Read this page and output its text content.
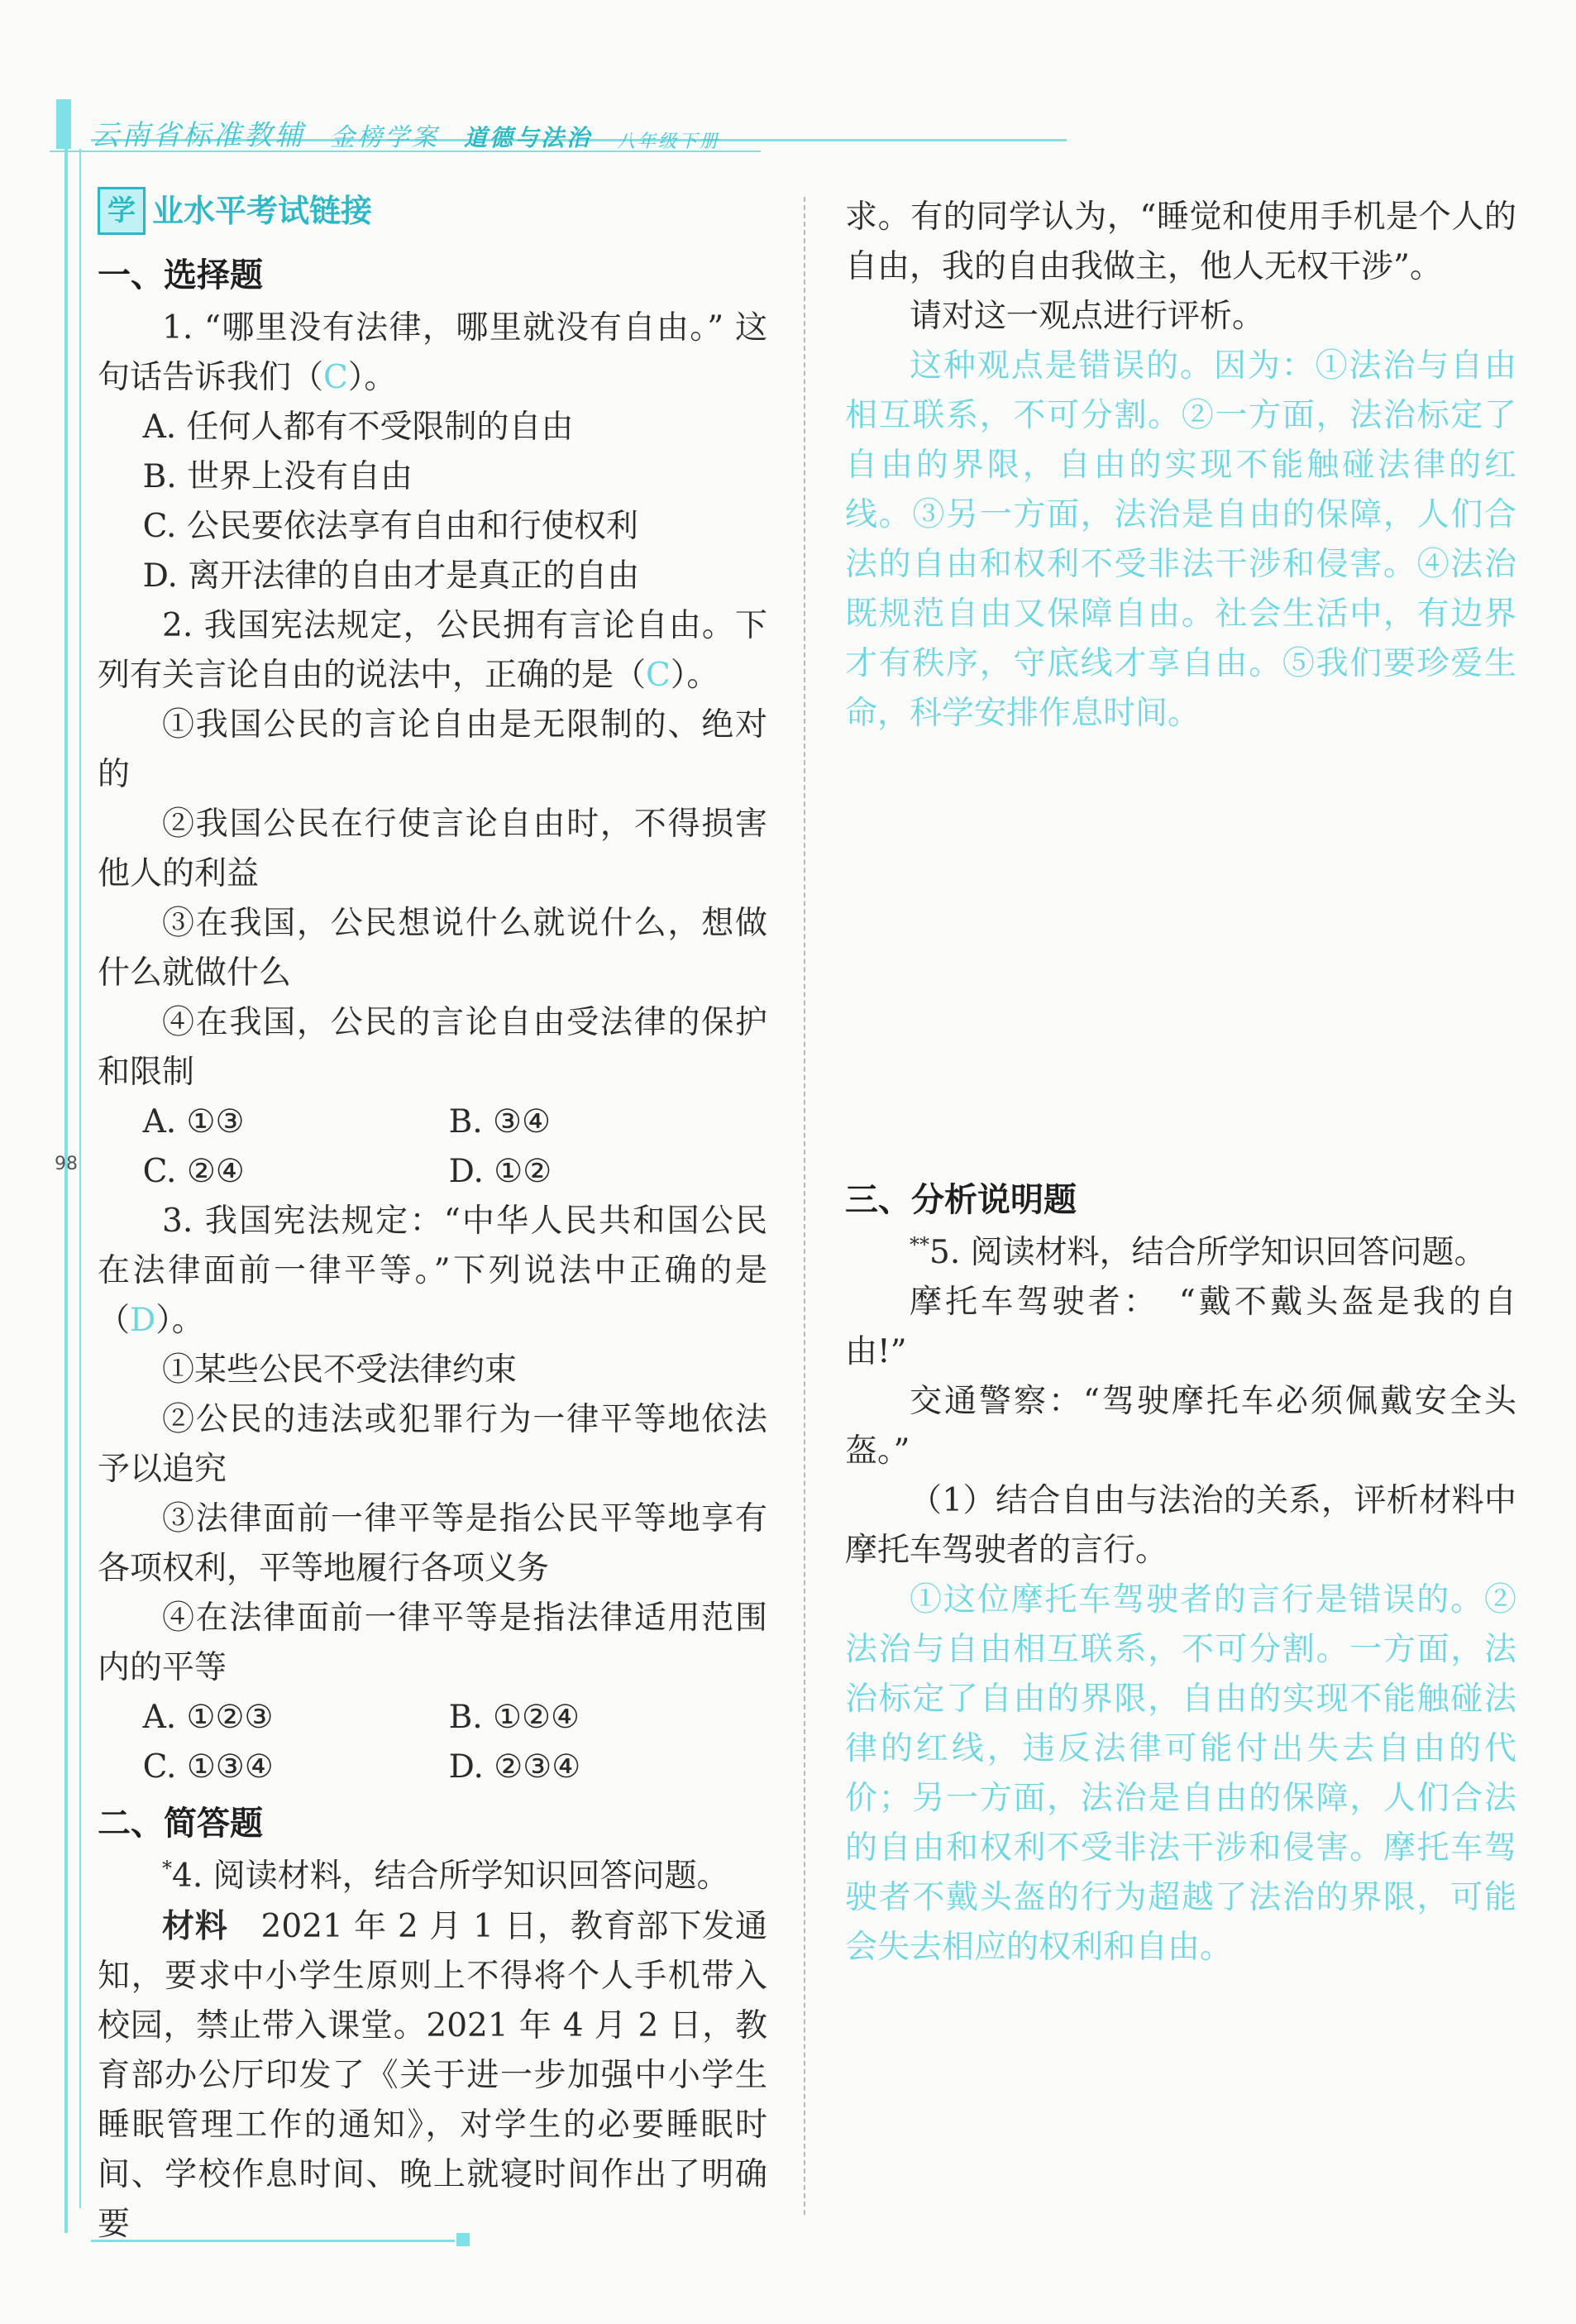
云南省标准教辅 金榜学案 道德与法治 八年级下册
98
学 业水平考试链接
一、选择题
1. “哪里没有法律，哪里就没有自由。” 这句话告诉我们（C）。
A. 任何人都有不受限制的自由
B. 世界上没有自由
C. 公民要依法享有自由和行使权利
D. 离开法律的自由才是真正的自由
2. 我国宪法规定，公民拥有言论自由。下列有关言论自由的说法中，正确的是（C）。
①我国公民的言论自由是无限制的、绝对的
②我国公民在行使言论自由时，不得损害他人的利益
③在我国，公民想说什么就说什么，想做什么就做什么
④在我国，公民的言论自由受法律的保护和限制
A. ①③	B. ③④
C. ②④	D. ①②
3. 我国宪法规定：“中华人民共和国公民在法律面前一律平等。”下列说法中正确的是（D）。
①某些公民不受法律约束
②公民的违法或犯罪行为一律平等地依法予以追究
③法律面前一律平等是指公民平等地享有各项权利，平等地履行各项义务
④在法律面前一律平等是指法律适用范围内的平等
A. ①②③	B. ①②④
C. ①③④	D. ②③④
二、简答题
*4. 阅读材料，结合所学知识回答问题。
材料　 2021 年 2 月 1 日，教育部下发通知，要求中小学生原则上不得将个人手机带入校园，禁止带入课堂。2021 年 4 月 2 日，教育部办公厅印发了《关于进一步加强中小学生睡眠管理工作的通知》，对学生的必要睡眠时间、学校作息时间、晚上就寝时间作出了明确要
求。有的同学认为，“睡觉和使用手机是个人的自由，我的自由我做主，他人无权干涉”。
请对这一观点进行评析。
这种观点是错误的。因为：①法治与自由相互联系，不可分割。②一方面，法治标定了自由的界限，自由的实现不能触碰法律的红线。③另一方面，法治是自由的保障，人们合法的自由和权利不受非法干涉和侵害。④法治既规范自由又保障自由。社会生活中，有边界才有秩序，守底线才享自由。⑤我们要珍爱生命，科学安排作息时间。
三、分析说明题
**5. 阅读材料，结合所学知识回答问题。
摩托车驾驶者：　“戴不戴头盔是我的自由!”
交通警察：“驾驶摩托车必须佩戴安全头盔。”
（1）结合自由与法治的关系，评析材料中摩托车驾驶者的言行。
①这位摩托车驾驶者的言行是错误的。②法治与自由相互联系，不可分割。一方面，法治标定了自由的界限，自由的实现不能触碰法律的红线，违反法律可能付出失去自由的代价；另一方面，法治是自由的保障，人们合法的自由和权利不受非法干涉和侵害。摩托车驾驶者不戴头盔的行为超越了法治的界限，可能会失去相应的权利和自由。
